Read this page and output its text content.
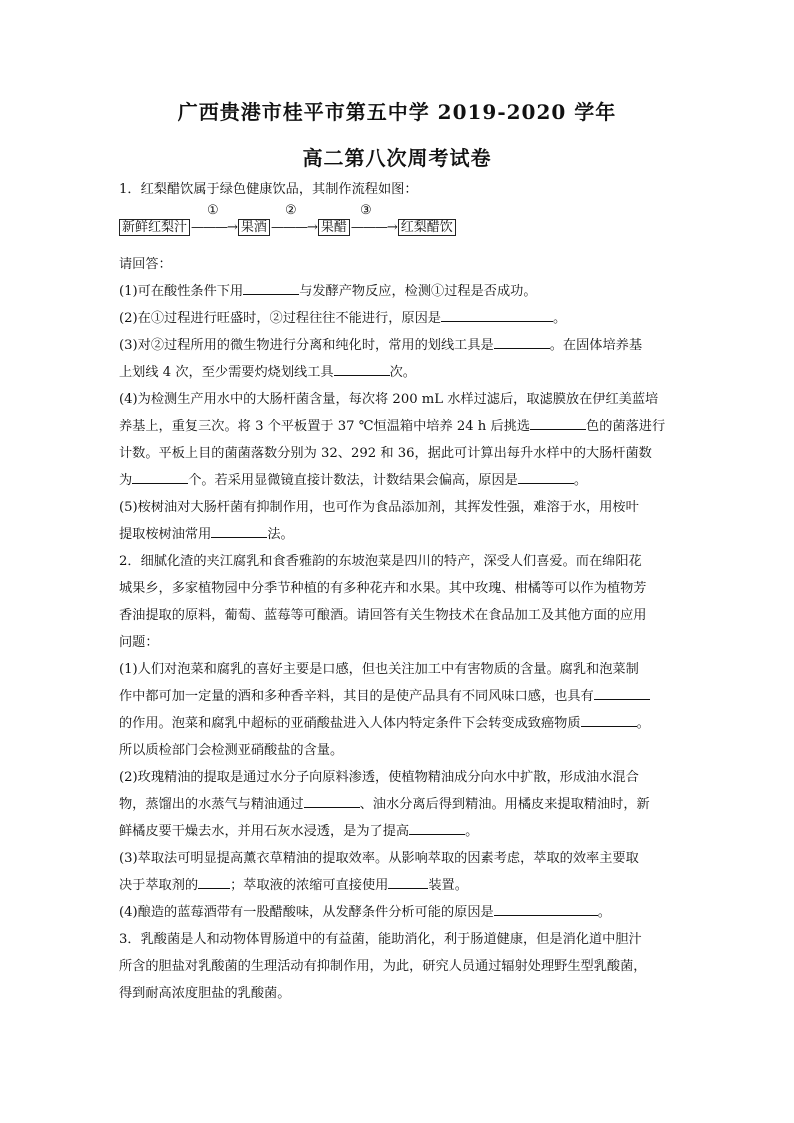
广西贵港市桂平市第五中学 2019-2020 学年
高二第八次周考试卷
1．红梨醋饮属于绿色健康饮品，其制作流程如图：
①	②	③
新鲜红梨汁 ———→ 果酒 ———→ 果醋 ———→ 红梨醋饮
请回答：
(1)可在酸性条件下用	与发酵产物反应，检测①过程是否成功。
(2)在①过程进行旺盛时，②过程往往不能进行，原因是	。
(3)对②过程所用的微生物进行分离和纯化时，常用的划线工具是	。在固体培养基
上划线 4 次，至少需要灼烧划线工具	次。
(4)为检测生产用水中的大肠杆菌含量，每次将 200 mL 水样过滤后，取滤膜放在伊红美蓝培
养基上，重复三次。将 3 个平板置于 37 ℃恒温箱中培养 24 h 后挑选	色的菌落进行
计数。平板上目的菌菌落数分别为 32、292 和 36，据此可计算出每升水样中的大肠杆菌数
为	个。若采用显微镜直接计数法，计数结果会偏高，原因是	。
(5)桉树油对大肠杆菌有抑制作用，也可作为食品添加剂，其挥发性强，难溶于水，用桉叶
提取桉树油常用	法。
2．细腻化渣的夹江腐乳和食香雅韵的东坡泡菜是四川的特产，深受人们喜爱。而在绵阳花
城果乡，多家植物园中分季节种植的有多种花卉和水果。其中玫瑰、柑橘等可以作为植物芳
香油提取的原料，葡萄、蓝莓等可酿酒。请回答有关生物技术在食品加工及其他方面的应用
问题：
(1)人们对泡菜和腐乳的喜好主要是口感，但也关注加工中有害物质的含量。腐乳和泡菜制
作中都可加一定量的酒和多种香辛料，其目的是使产品具有不同风味口感，也具有
的作用。泡菜和腐乳中超标的亚硝酸盐进入人体内特定条件下会转变成致癌物质	。
所以质检部门会检测亚硝酸盐的含量。
(2)玫瑰精油的提取是通过水分子向原料渗透，使植物精油成分向水中扩散，形成油水混合
物，蒸馏出的水蒸气与精油通过	、油水分离后得到精油。用橘皮来提取精油时，新
鲜橘皮要干燥去水，并用石灰水浸透，是为了提高	。
(3)萃取法可明显提高薰衣草精油的提取效率。从影响萃取的因素考虑，萃取的效率主要取
决于萃取剂的 ；萃取液的浓缩可直接使用	装置。
(4)酿造的蓝莓酒带有一股醋酸味，从发酵条件分析可能的原因是	。
3．乳酸菌是人和动物体胃肠道中的有益菌，能助消化，利于肠道健康，但是消化道中胆汁
所含的胆盐对乳酸菌的生理活动有抑制作用，为此，研究人员通过辐射处理野生型乳酸菌，
得到耐高浓度胆盐的乳酸菌。
